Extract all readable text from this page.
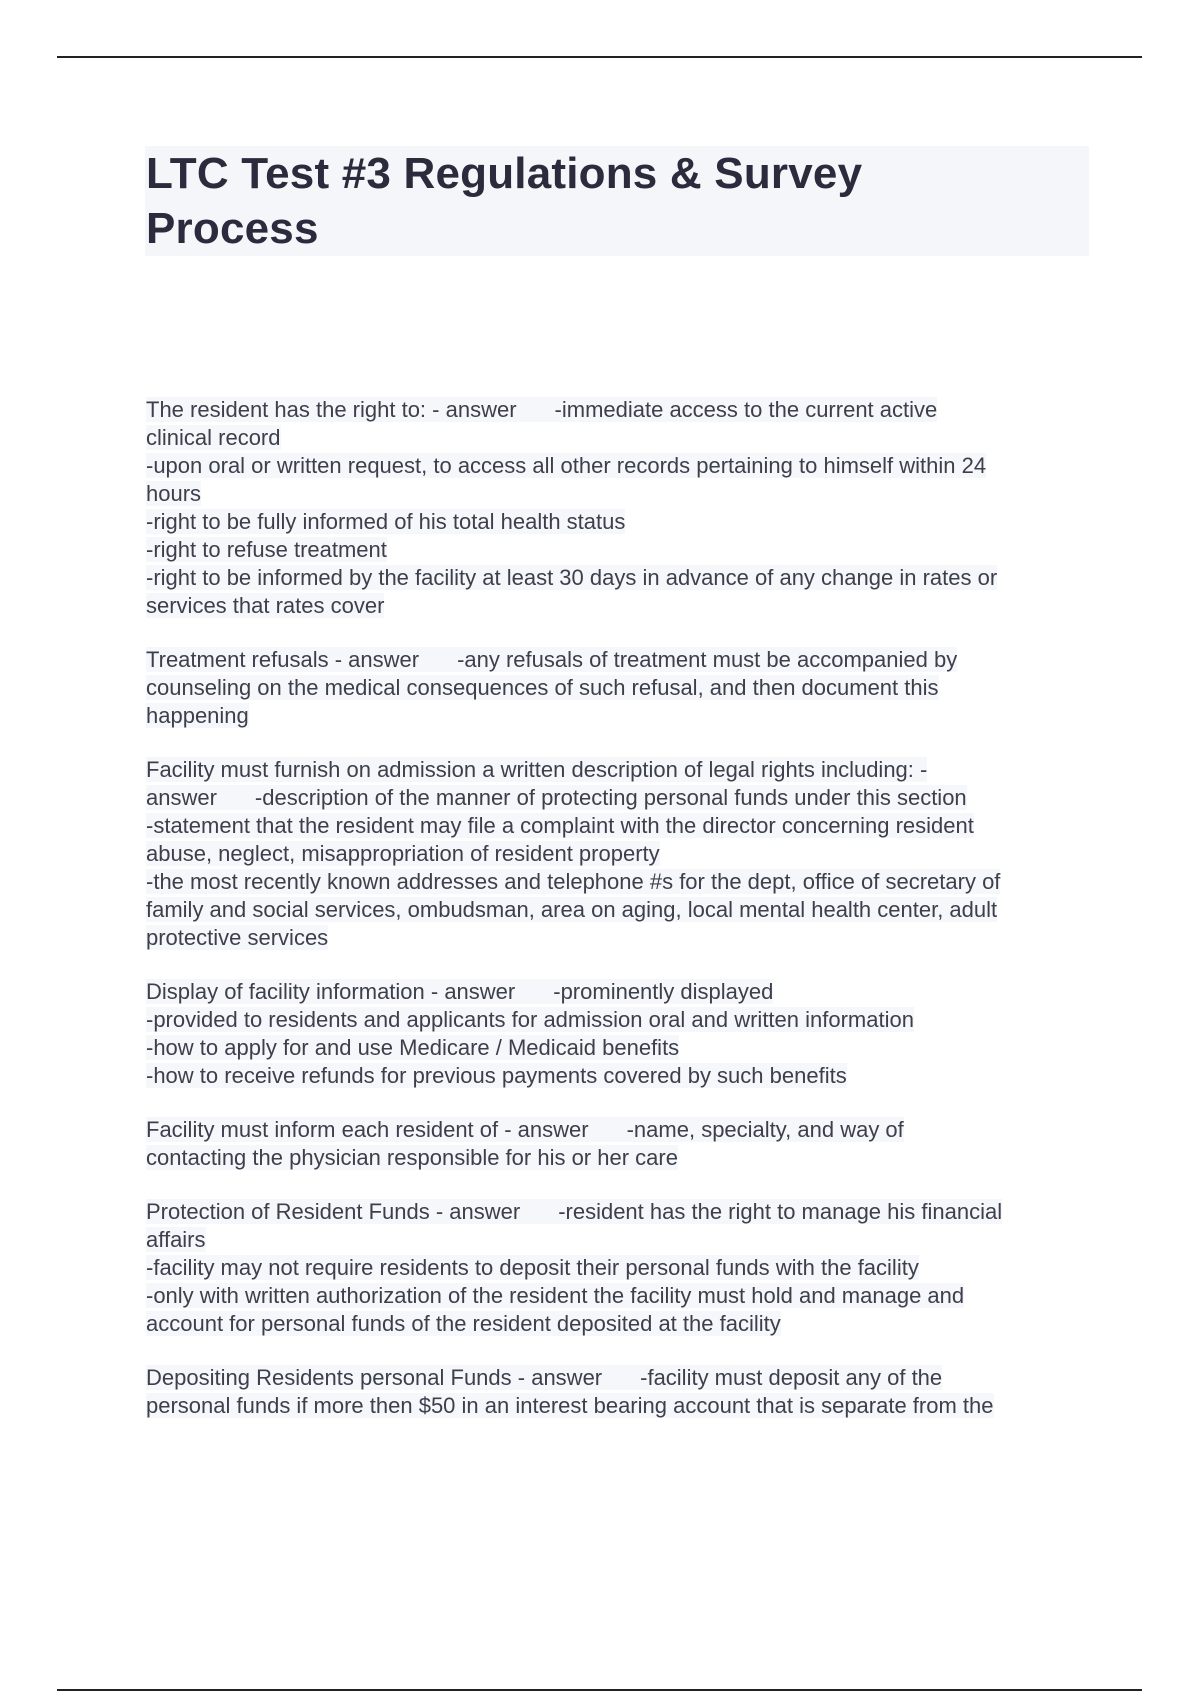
LTC Test #3 Regulations & Survey
Process
The resident has the right to: - answer -immediate access to the current active
clinical record
-upon oral or written request, to access all other records pertaining to himself within 24
hours
-right to be fully informed of his total health status
-right to refuse treatment
-right to be informed by the facility at least 30 days in advance of any change in rates or
services that rates cover
Treatment refusals - answer -any refusals of treatment must be accompanied by
counseling on the medical consequences of such refusal, and then document this
happening
Facility must furnish on admission a written description of legal rights including: -
answer -description of the manner of protecting personal funds under this section
-statement that the resident may file a complaint with the director concerning resident
abuse, neglect, misappropriation of resident property
-the most recently known addresses and telephone #s for the dept, office of secretary of
family and social services, ombudsman, area on aging, local mental health center, adult
protective services
Display of facility information - answer -prominently displayed
-provided to residents and applicants for admission oral and written information
-how to apply for and use Medicare / Medicaid benefits
-how to receive refunds for previous payments covered by such benefits
Facility must inform each resident of - answer -name, specialty, and way of
contacting the physician responsible for his or her care
Protection of Resident Funds - answer -resident has the right to manage his financial
affairs
-facility may not require residents to deposit their personal funds with the facility
-only with written authorization of the resident the facility must hold and manage and
account for personal funds of the resident deposited at the facility
Depositing Residents personal Funds - answer -facility must deposit any of the
personal funds if more then $50 in an interest bearing account that is separate from the
